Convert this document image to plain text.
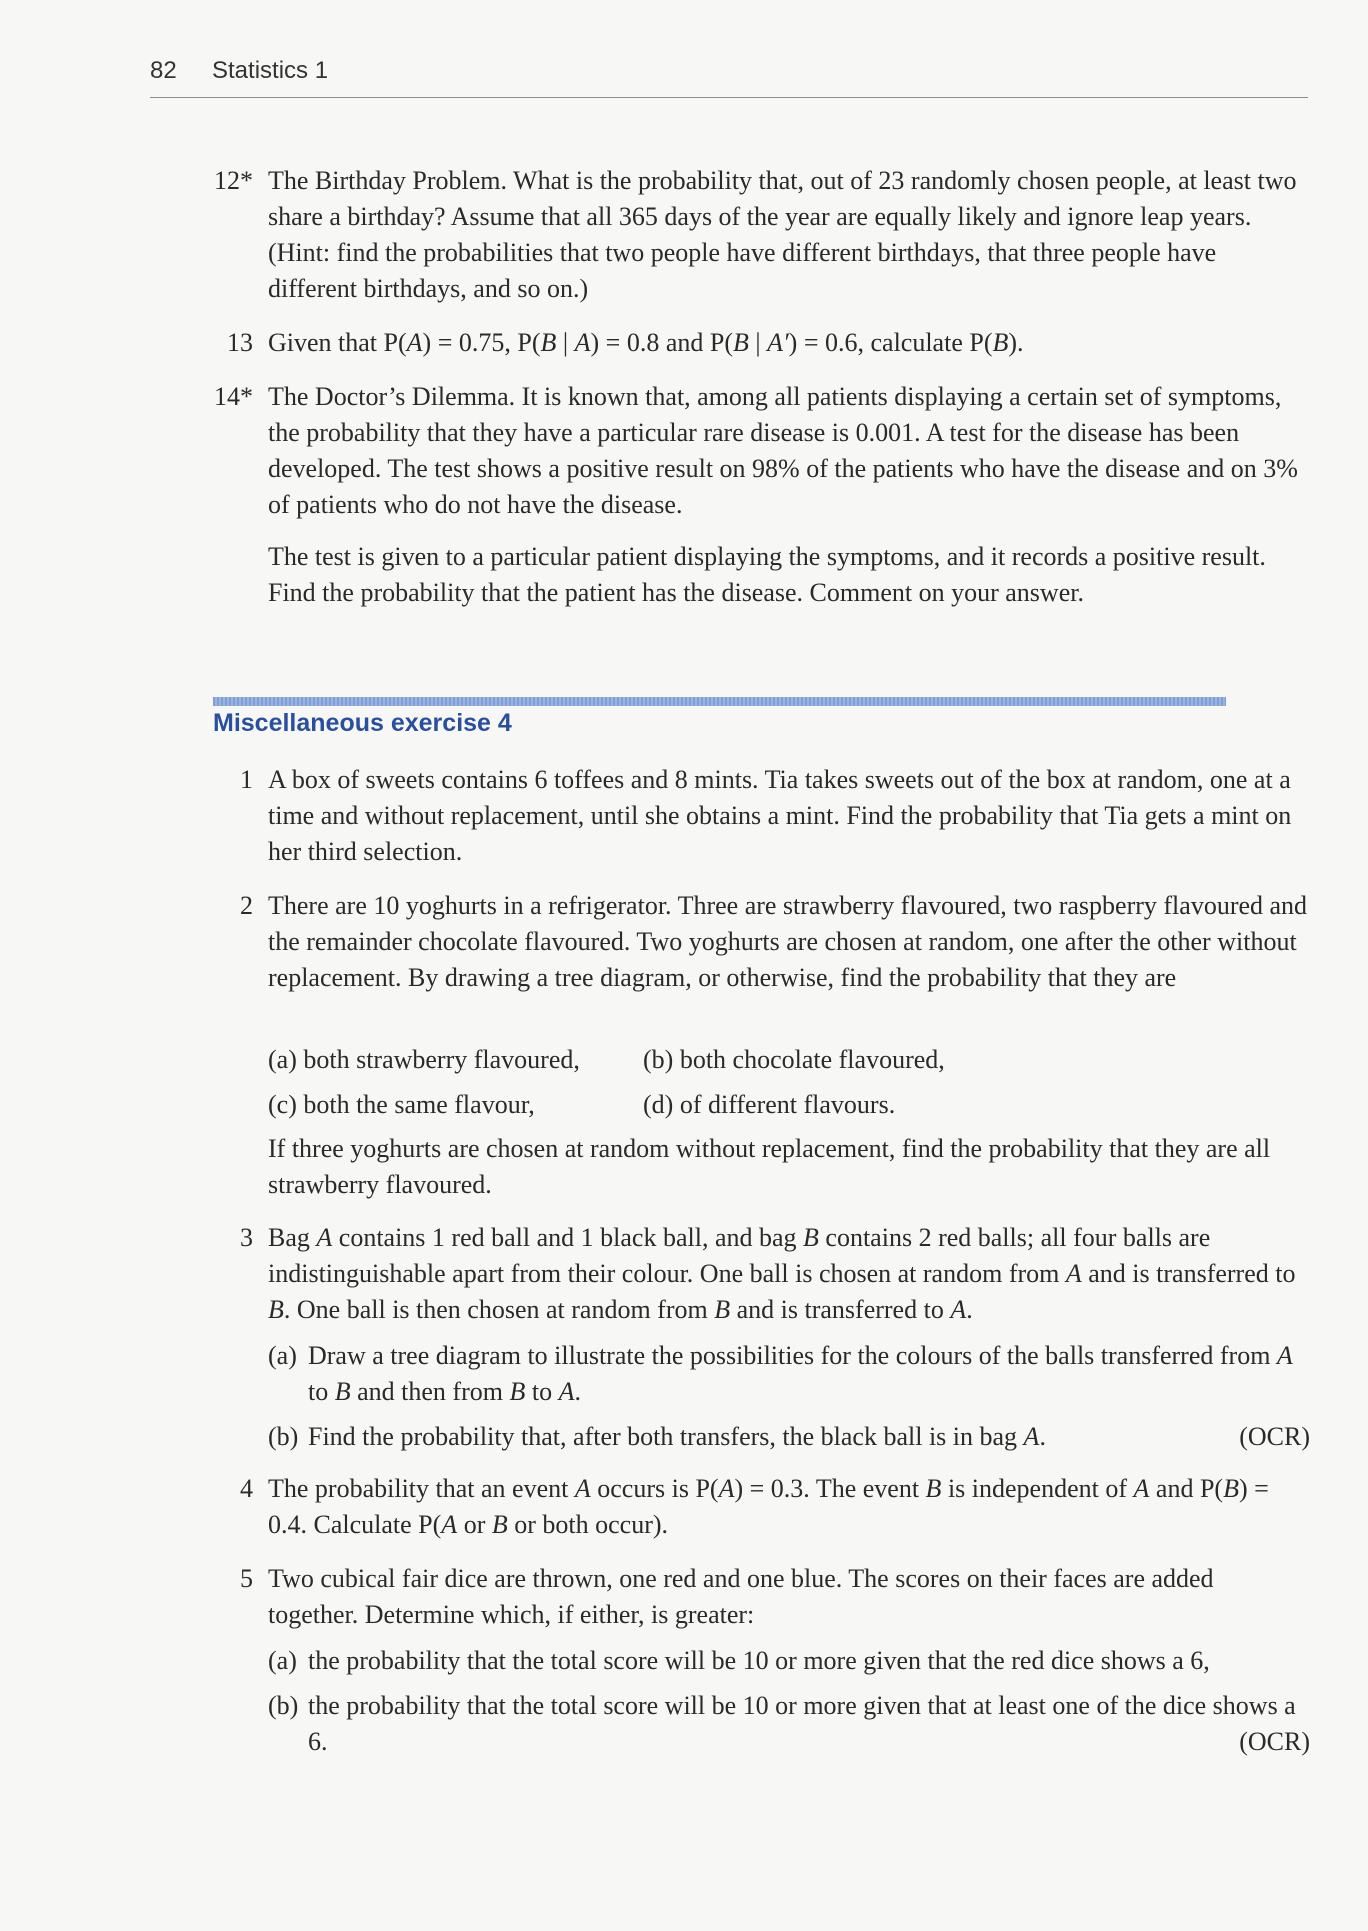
82 Statistics 1
12* The Birthday Problem. What is the probability that, out of 23 randomly chosen people, at least two share a birthday? Assume that all 365 days of the year are equally likely and ignore leap years. (Hint: find the probabilities that two people have different birthdays, that three people have different birthdays, and so on.)

13 Given that P(A) = 0.75, P(B | A) = 0.8 and P(B | A′) = 0.6, calculate P(B).

14* The Doctor’s Dilemma. It is known that, among all patients displaying a certain set of symptoms, the probability that they have a particular rare disease is 0.001. A test for the disease has been developed. The test shows a positive result on 98% of the patients who have the disease and on 3% of patients who do not have the disease.

The test is given to a particular patient displaying the symptoms, and it records a positive result. Find the probability that the patient has the disease. Comment on your answer.

Miscellaneous exercise 4
1 A box of sweets contains 6 toffees and 8 mints. Tia takes sweets out of the box at random, one at a time and without replacement, until she obtains a mint. Find the probability that Tia gets a mint on her third selection.

2 There are 10 yoghurts in a refrigerator. Three are strawberry flavoured, two raspberry flavoured and the remainder chocolate flavoured. Two yoghurts are chosen at random, one after the other without replacement. By drawing a tree diagram, or otherwise, find the probability that they are

(a) both strawberry flavoured, (b) both chocolate flavoured,
(c) both the same flavour,	(d) of different flavours.

If three yoghurts are chosen at random without replacement, find the probability that they are all strawberry flavoured.

3 Bag A contains 1 red ball and 1 black ball, and bag B contains 2 red balls; all four balls are indistinguishable apart from their colour. One ball is chosen at random from A and is transferred to B. One ball is then chosen at random from B and is transferred to A.

(a) Draw a tree diagram to illustrate the possibilities for the colours of the balls transferred from A to B and then from B to A.
(b) Find the probability that, after both transfers, the black ball is in bag A.	(OCR)
4 The probability that an event A occurs is P(A) = 0.3. The event B is independent of A and P(B) = 0.4. Calculate P(A or B or both occur).

5 Two cubical fair dice are thrown, one red and one blue. The scores on their faces are added together. Determine which, if either, is greater:

(a) the probability that the total score will be 10 or more given that the red dice shows a 6,
(b) the probability that the total score will be 10 or more given that at least one of the dice shows a 6.	(OCR)
